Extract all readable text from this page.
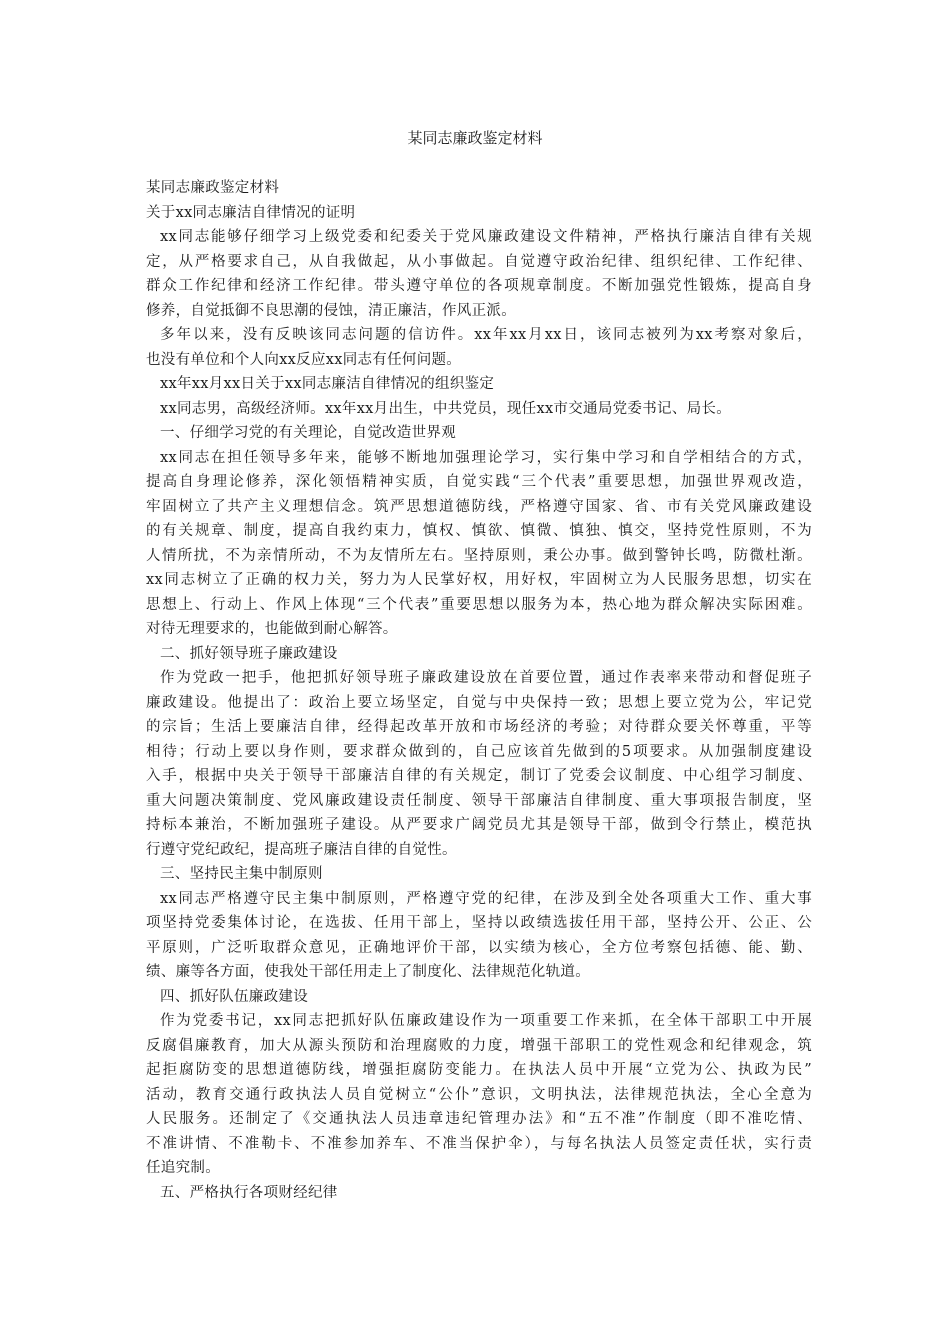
某同志廉政鉴定材料
某同志廉政鉴定材料
关于xx同志廉洁自律情况的证明
xx同志能够仔细学习上级党委和纪委关于党风廉政建设文件精神，严格执行廉洁自律有关规
定，从严格要求自己，从自我做起，从小事做起。自觉遵守政治纪律、组织纪律、工作纪律、
群众工作纪律和经济工作纪律。带头遵守单位的各项规章制度。不断加强党性锻炼，提高自身
修养，自觉抵御不良思潮的侵蚀，清正廉洁，作风正派。
多年以来，没有反映该同志问题的信访件。xx年xx月xx日，该同志被列为xx考察对象后，
也没有单位和个人向xx反应xx同志有任何问题。
xx年xx月xx日关于xx同志廉洁自律情况的组织鉴定
xx同志男，高级经济师。xx年xx月出生，中共党员，现任xx市交通局党委书记、局长。
一、仔细学习党的有关理论，自觉改造世界观
xx同志在担任领导多年来，能够不断地加强理论学习，实行集中学习和自学相结合的方式，
提高自身理论修养，深化领悟精神实质，自觉实践“三个代表”重要思想，加强世界观改造，
牢固树立了共产主义理想信念。筑严思想道德防线，严格遵守国家、省、市有关党风廉政建设
的有关规章、制度，提高自我约束力，慎权、慎欲、慎微、慎独、慎交，坚持党性原则，不为
人情所扰，不为亲情所动，不为友情所左右。坚持原则，秉公办事。做到警钟长鸣，防微杜渐。
xx同志树立了正确的权力关，努力为人民掌好权，用好权，牢固树立为人民服务思想，切实在
思想上、行动上、作风上体现“三个代表”重要思想以服务为本，热心地为群众解决实际困难。
对待无理要求的，也能做到耐心解答。
二、抓好领导班子廉政建设
作为党政一把手，他把抓好领导班子廉政建设放在首要位置，通过作表率来带动和督促班子
廉政建设。他提出了：政治上要立场坚定，自觉与中央保持一致；思想上要立党为公，牢记党
的宗旨；生活上要廉洁自律，经得起改革开放和市场经济的考验；对待群众要关怀尊重，平等
相待；行动上要以身作则，要求群众做到的，自己应该首先做到的5项要求。从加强制度建设
入手，根据中央关于领导干部廉洁自律的有关规定，制订了党委会议制度、中心组学习制度、
重大问题决策制度、党风廉政建设责任制度、领导干部廉洁自律制度、重大事项报告制度，坚
持标本兼治，不断加强班子建设。从严要求广阔党员尤其是领导干部，做到令行禁止，模范执
行遵守党纪政纪，提高班子廉洁自律的自觉性。
三、坚持民主集中制原则
xx同志严格遵守民主集中制原则，严格遵守党的纪律，在涉及到全处各项重大工作、重大事
项坚持党委集体讨论，在选拔、任用干部上，坚持以政绩选拔任用干部，坚持公开、公正、公
平原则，广泛听取群众意见，正确地评价干部，以实绩为核心，全方位考察包括德、能、勤、
绩、廉等各方面，使我处干部任用走上了制度化、法律规范化轨道。
四、抓好队伍廉政建设
作为党委书记，xx同志把抓好队伍廉政建设作为一项重要工作来抓，在全体干部职工中开展
反腐倡廉教育，加大从源头预防和治理腐败的力度，增强干部职工的党性观念和纪律观念，筑
起拒腐防变的思想道德防线，增强拒腐防变能力。在执法人员中开展“立党为公、执政为民”
活动，教育交通行政执法人员自觉树立“公仆”意识，文明执法，法律规范执法，全心全意为
人民服务。还制定了《交通执法人员违章违纪管理办法》和“五不准”作制度（即不准吃情、
不准讲情、不准勒卡、不准参加养车、不准当保护伞），与每名执法人员签定责任状，实行责
任追究制。
五、严格执行各项财经纪律
